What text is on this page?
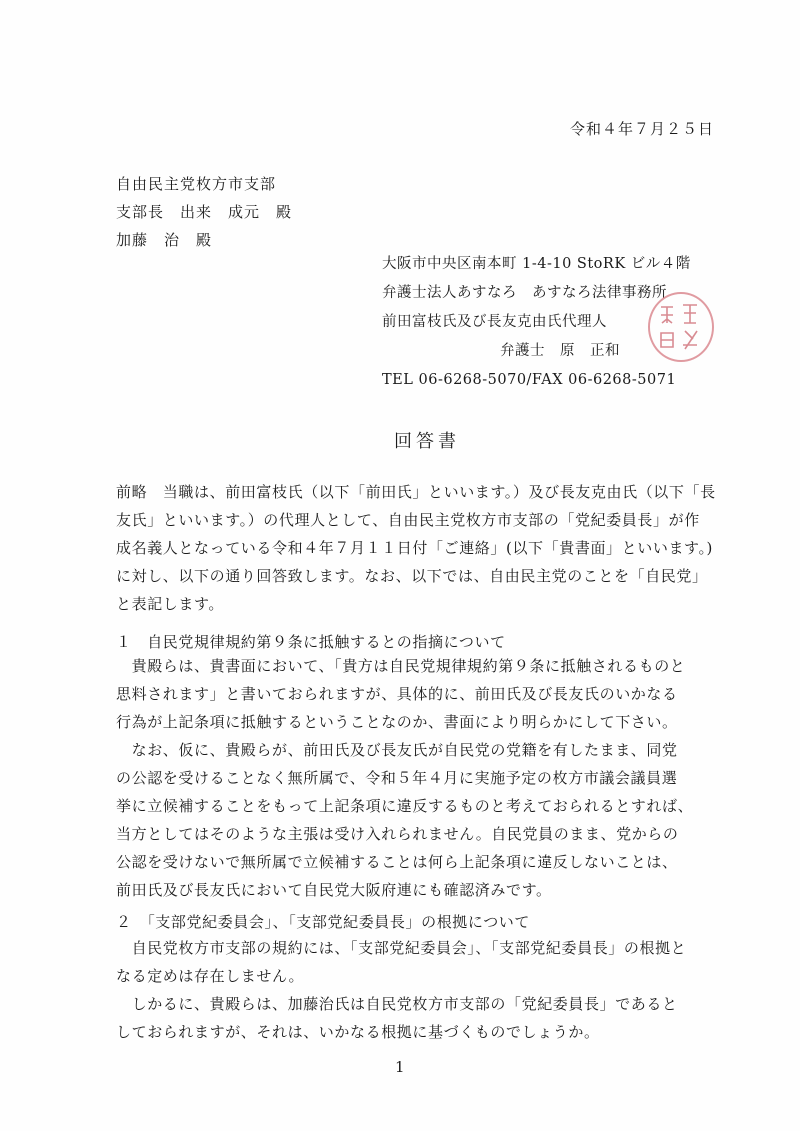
令和４年７月２５日
自由民主党枚方市支部
支部長　出来　成元　殿
加藤　治　殿
大阪市中央区南本町 1-4-10 StoRK ビル４階
弁護士法人あすなろ　あすなろ法律事務所
前田富枝氏及び長友克由氏代理人
弁護士　原　正和
TEL 06-6268-5070/FAX 06-6268-5071
回答書
前略　当職は、前田富枝氏（以下「前田氏」といいます。）及び長友克由氏（以下「長
友氏」といいます。）の代理人として、自由民主党枚方市支部の「党紀委員長」が作
成名義人となっている令和４年７月１１日付「ご連絡」(以下「貴書面」といいます。)
に対し、以下の通り回答致します。なお、以下では、自由民主党のことを「自民党」
と表記します。
１　自民党規律規約第９条に抵触するとの指摘について
　貴殿らは、貴書面において、「貴方は自民党規律規約第９条に抵触されるものと
思料されます」と書いておられますが、具体的に、前田氏及び長友氏のいかなる
行為が上記条項に抵触するということなのか、書面により明らかにして下さい。
　なお、仮に、貴殿らが、前田氏及び長友氏が自民党の党籍を有したまま、同党
の公認を受けることなく無所属で、令和５年４月に実施予定の枚方市議会議員選
挙に立候補することをもって上記条項に違反するものと考えておられるとすれば、
当方としてはそのような主張は受け入れられません。自民党員のまま、党からの
公認を受けないで無所属で立候補することは何ら上記条項に違反しないことは、
前田氏及び長友氏において自民党大阪府連にも確認済みです。
２　「支部党紀委員会」、「支部党紀委員長」の根拠について
　自民党枚方市支部の規約には、「支部党紀委員会」、「支部党紀委員長」の根拠と
なる定めは存在しません。
　しかるに、貴殿らは、加藤治氏は自民党枚方市支部の「党紀委員長」であると
しておられますが、それは、いかなる根拠に基づくものでしょうか。
1
